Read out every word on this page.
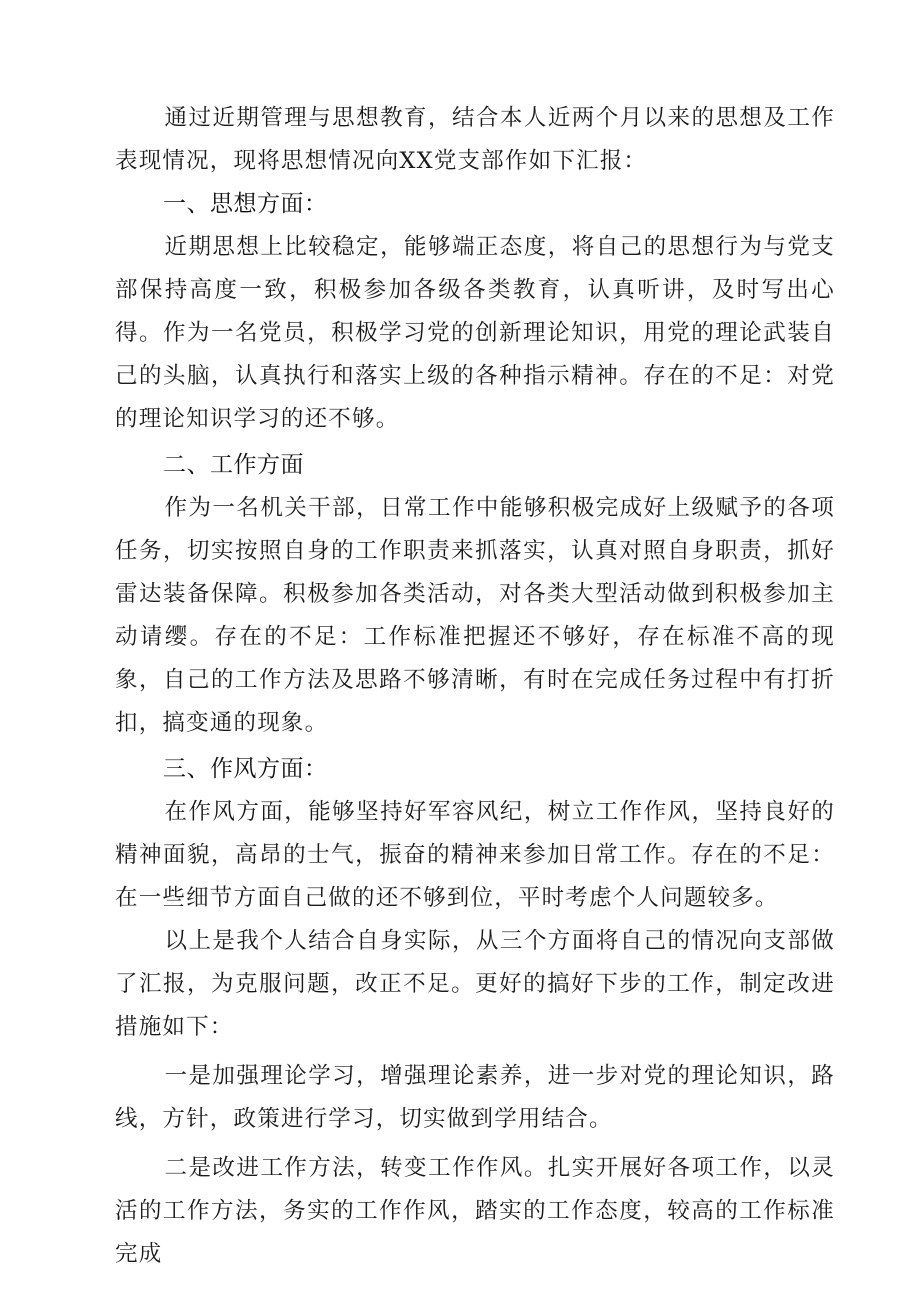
通过近期管理与思想教育，结合本人近两个月以来的思想及工作表现情况，现将思想情况向XX党支部作如下汇报：

一、思想方面：

近期思想上比较稳定，能够端正态度，将自己的思想行为与党支部保持高度一致，积极参加各级各类教育，认真听讲，及时写出心得。作为一名党员，积极学习党的创新理论知识，用党的理论武装自己的头脑，认真执行和落实上级的各种指示精神。存在的不足：对党的理论知识学习的还不够。

二、工作方面

作为一名机关干部，日常工作中能够积极完成好上级赋予的各项任务，切实按照自身的工作职责来抓落实，认真对照自身职责，抓好雷达装备保障。积极参加各类活动，对各类大型活动做到积极参加主动请缨。存在的不足：工作标准把握还不够好，存在标准不高的现象，自己的工作方法及思路不够清晰，有时在完成任务过程中有打折扣，搞变通的现象。

三、作风方面：

在作风方面，能够坚持好军容风纪，树立工作作风，坚持良好的精神面貌，高昂的士气，振奋的精神来参加日常工作。存在的不足：在一些细节方面自己做的还不够到位，平时考虑个人问题较多。

以上是我个人结合自身实际，从三个方面将自己的情况向支部做了汇报，为克服问题，改正不足。更好的搞好下步的工作，制定改进措施如下：

一是加强理论学习，增强理论素养，进一步对党的理论知识，路线，方针，政策进行学习，切实做到学用结合。

二是改进工作方法，转变工作作风。扎实开展好各项工作，以灵活的工作方法，务实的工作作风，踏实的工作态度，较高的工作标准完成
